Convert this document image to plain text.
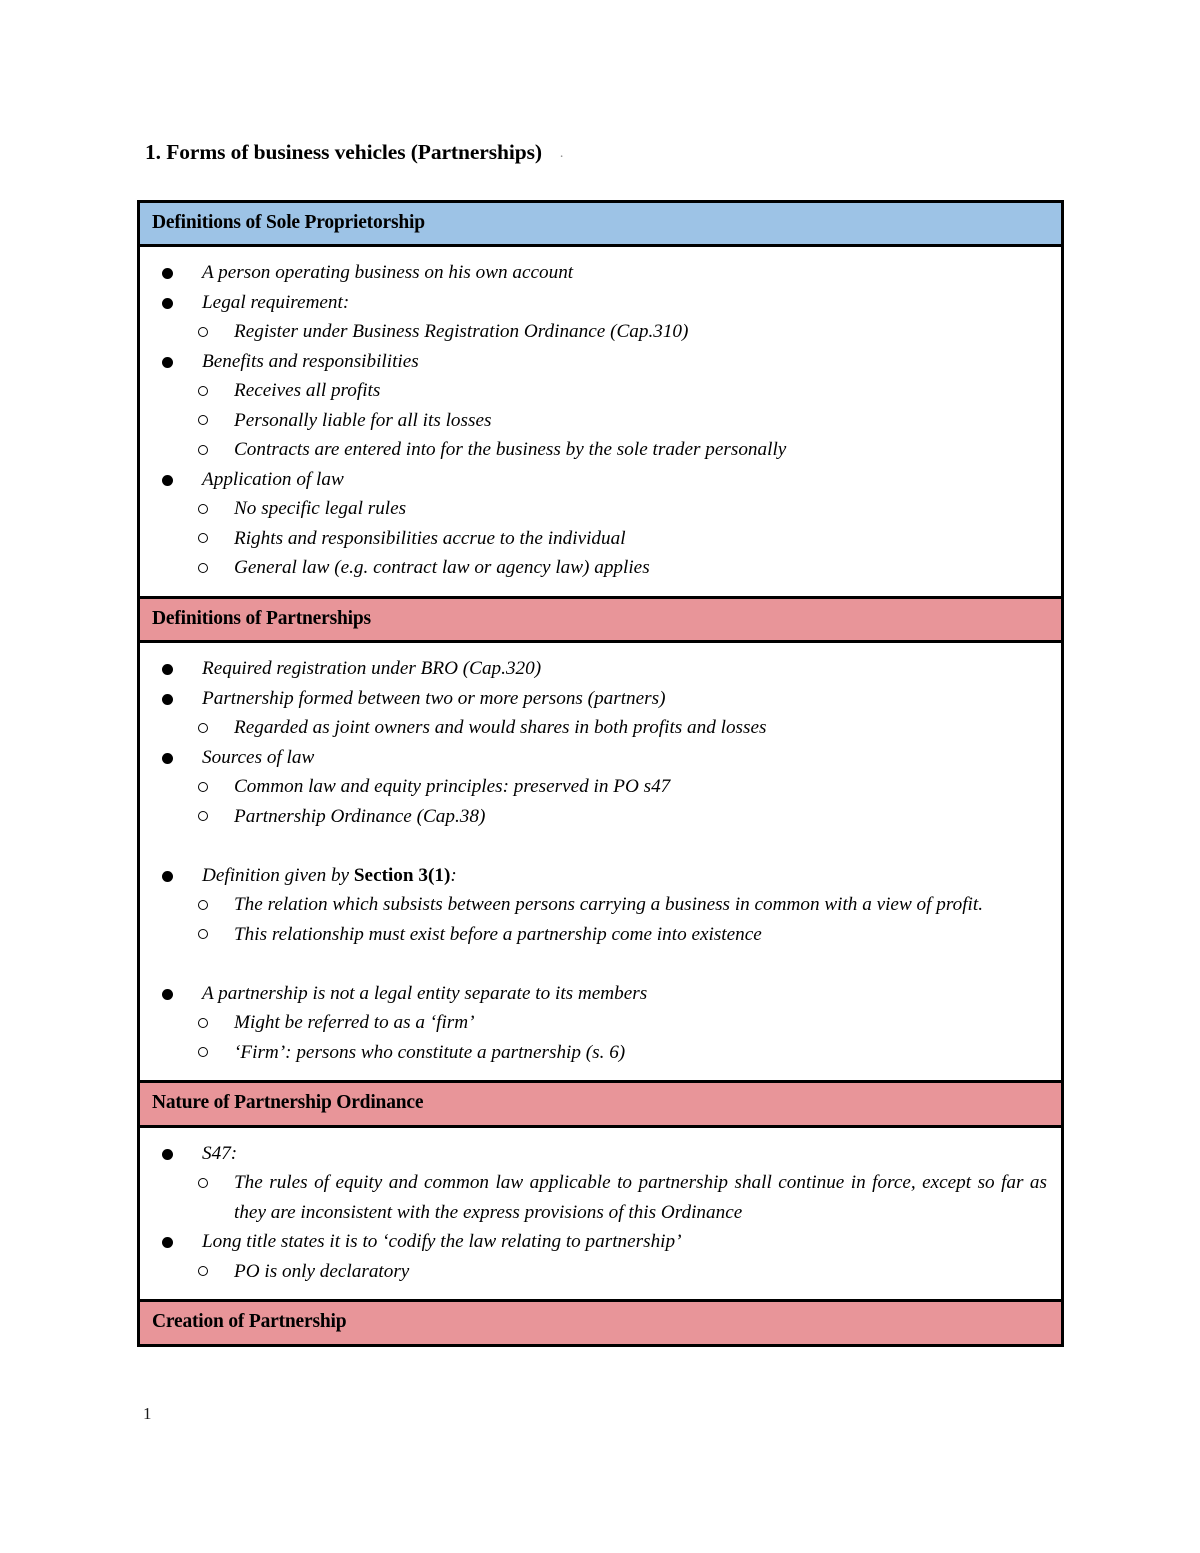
1. Forms of business vehicles (Partnerships) .
Definitions of Sole Proprietorship

A person operating business on his own account
Legal requirement:
Register under Business Registration Ordinance (Cap.310)
Benefits and responsibilities
Receives all profits
Personally liable for all its losses
Contracts are entered into for the business by the sole trader personally
Application of law
No specific legal rules
Rights and responsibilities accrue to the individual
General law (e.g. contract law or agency law) applies

Definitions of Partnerships

Required registration under BRO (Cap.320)
Partnership formed between two or more persons (partners)
Regarded as joint owners and would shares in both profits and losses
Sources of law
Common law and equity principles: preserved in PO s47
Partnership Ordinance (Cap.38)
Definition given by Section 3(1):
The relation which subsists between persons carrying a business in common with a view of profit.
This relationship must exist before a partnership come into existence
A partnership is not a legal entity separate to its members
Might be referred to as a ‘firm’
‘Firm’: persons who constitute a partnership (s. 6)

Nature of Partnership Ordinance

S47:
The rules of equity and common law applicable to partnership shall continue in force, except so far as they are inconsistent with the express provisions of this Ordinance
Long title states it is to ‘codify the law relating to partnership’
PO is only declaratory

Creation of Partnership
1
